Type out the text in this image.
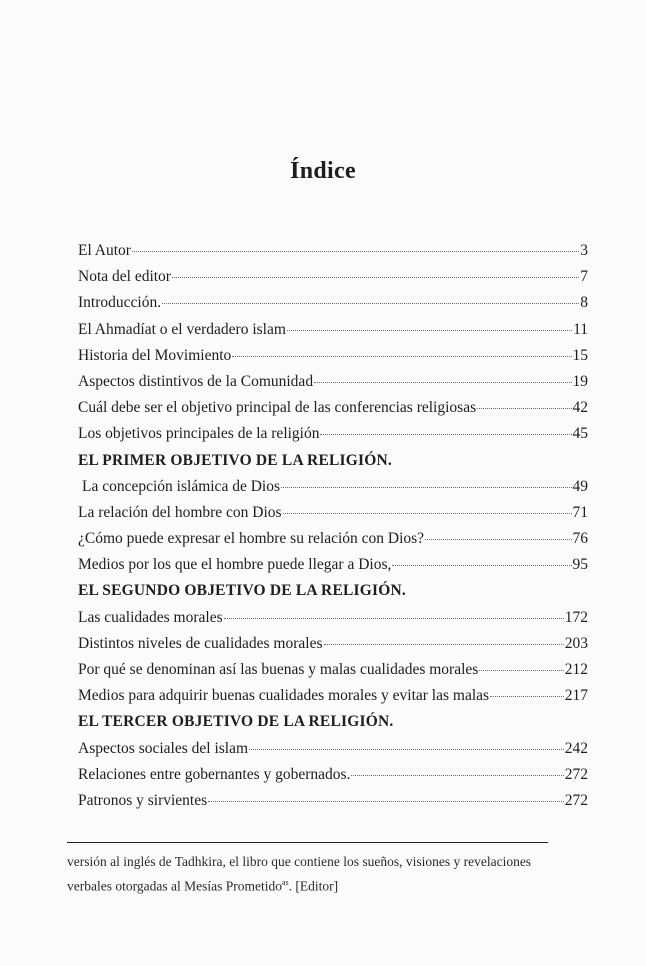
Índice
El Autor	3
Nota del editor	7
Introducción.	8
El Ahmadíat o el verdadero islam	11
Historia del Movimiento	15
Aspectos distintivos de la Comunidad	19
Cuál debe ser el objetivo principal de las conferencias religiosas	42
Los objetivos principales de la religión	45
EL PRIMER OBJETIVO DE LA RELIGIÓN.
La concepción islámica de Dios	49
La relación del hombre con Dios	71
¿Cómo puede expresar el hombre su relación con Dios?	76
Medios por los que el hombre puede llegar a Dios,	95
EL SEGUNDO OBJETIVO DE LA RELIGIÓN.
Las cualidades morales	172
Distintos niveles de cualidades morales	203
Por qué se denominan así las buenas y malas cualidades morales	212
Medios para adquirir buenas cualidades morales y evitar las malas	217
EL TERCER OBJETIVO DE LA RELIGIÓN.
Aspectos sociales del islam	242
Relaciones entre gobernantes y gobernados.	272
Patronos y sirvientes	272
versión al inglés de Tadhkira, el libro que contiene los sueños, visiones y revelaciones verbales otorgadas al Mesías Prometido$^{as}$. [Editor]
